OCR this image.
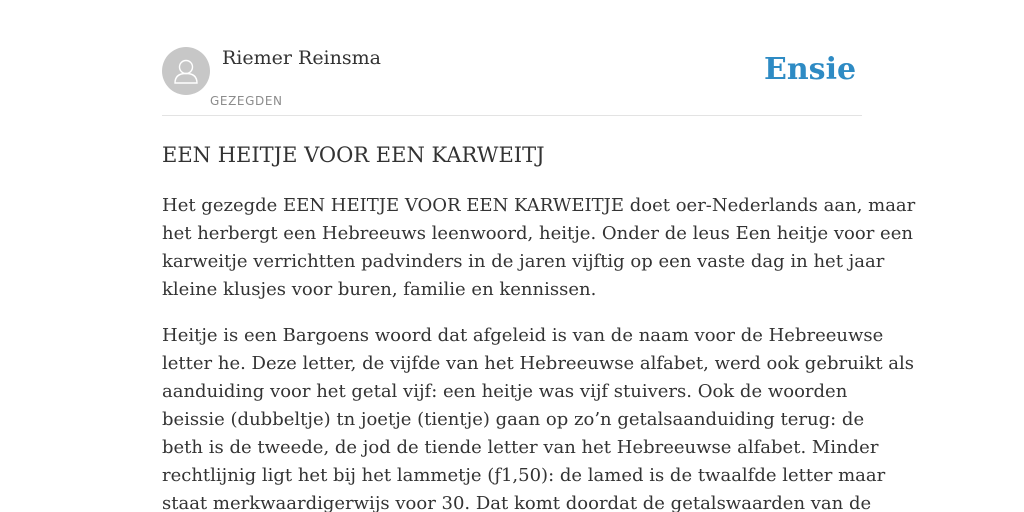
Riemer Reinsma
GEZEGDEN
Ensie
EEN HEITJE VOOR EEN KARWEITJ

Het gezegde EEN HEITJE VOOR EEN KARWEITJE doet oer-Nederlands aan, maar
het herbergt een Hebreeuws leenwoord, heitje. Onder de leus Een heitje voor een
karweitje verrichtten padvinders in de jaren vijftig op een vaste dag in het jaar
kleine klusjes voor buren, familie en kennissen.

Heitje is een Bargoens woord dat afgeleid is van de naam voor de Hebreeuwse
letter he. Deze letter, de vijfde van het Hebreeuwse alfabet, werd ook gebruikt als
aanduiding voor het getal vijf: een heitje was vijf stuivers. Ook de woorden
beissie (dubbeltje) tn joetje (tientje) gaan op zo’n getalsaanduiding terug: de
beth is de tweede, de jod de tiende letter van het Hebreeuwse alfabet. Minder
rechtlijnig ligt het bij het lammetje (ƒ1,50): de lamed is de twaalfde letter maar
staat merkwaardigerwijs voor 30. Dat komt doordat de getalswaarden van de
